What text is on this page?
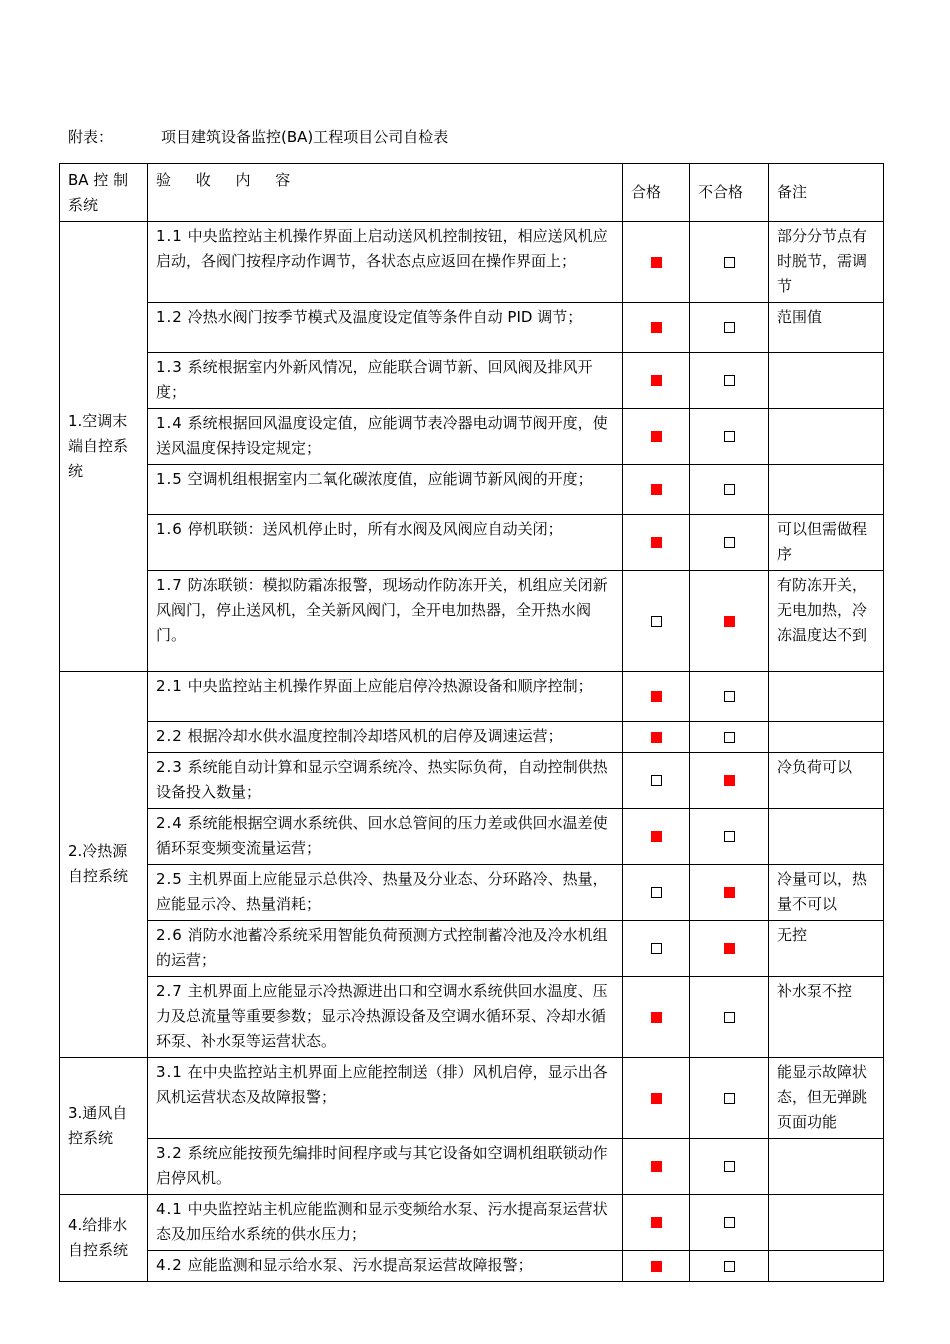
附表：	项目建筑设备监控(BA)工程项目公司自检表
BA 控 制 系统	验 收 内 容	合格	不合格	备注
1.空调末端自控系统	1.1 中央监控站主机操作界面上启动送风机控制按钮，相应送风机应启动，各阀门按程序动作调节，各状态点应返回在操作界面上；			部分分节点有时脱节，需调节
	1.2 冷热水阀门按季节模式及温度设定值等条件自动 PID 调节；			范围值
	1.3 系统根据室内外新风情况，应能联合调节新、回风阀及排风开度；			
	1.4 系统根据回风温度设定值，应能调节表冷器电动调节阀开度，使送风温度保持设定规定；			
	1.5 空调机组根据室内二氧化碳浓度值，应能调节新风阀的开度；			
	1.6 停机联锁：送风机停止时，所有水阀及风阀应自动关闭；			可以但需做程序
	1.7 防冻联锁：模拟防霜冻报警，现场动作防冻开关，机组应关闭新风阀门，停止送风机，全关新风阀门，全开电加热器，全开热水阀门。			有防冻开关，无电加热，冷冻温度达不到
2.冷热源自控系统	2.1 中央监控站主机操作界面上应能启停冷热源设备和顺序控制；			
	2.2 根据冷却水供水温度控制冷却塔风机的启停及调速运营；			
	2.3 系统能自动计算和显示空调系统冷、热实际负荷，自动控制供热设备投入数量；			冷负荷可以
	2.4 系统能根据空调水系统供、回水总管间的压力差或供回水温差使循环泵变频变流量运营；			
	2.5 主机界面上应能显示总供冷、热量及分业态、分环路冷、热量，应能显示冷、热量消耗；			冷量可以，热量不可以
	2.6 消防水池蓄冷系统采用智能负荷预测方式控制蓄冷池及冷水机组的运营；			无控
	2.7 主机界面上应能显示冷热源进出口和空调水系统供回水温度、压力及总流量等重要参数；显示冷热源设备及空调水循环泵、冷却水循环泵、补水泵等运营状态。			补水泵不控
3.通风自控系统	3.1 在中央监控站主机界面上应能控制送（排）风机启停，显示出各风机运营状态及故障报警；			能显示故障状态，但无弹跳页面功能
	3.2 系统应能按预先编排时间程序或与其它设备如空调机组联锁动作启停风机。			
4.给排水自控系统	4.1 中央监控站主机应能监测和显示变频给水泵、污水提高泵运营状态及加压给水系统的供水压力；			
	4.2 应能监测和显示给水泵、污水提高泵运营故障报警；			
